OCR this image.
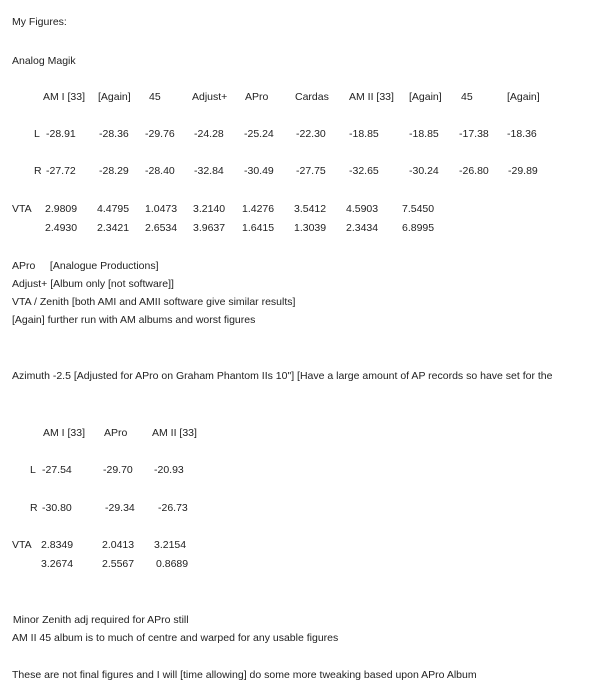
My Figures:
Analog Magik
AM I [33] [Again] 45	Adjust+ APro	Cardas AM II [33] [Again] 45	[Again]
L -28.91 -28.36 -29.76 -24.28 -25.24 -22.30 -18.85	-18.85 -17.38 -18.36
R -27.72 -28.29 -28.40 -32.84 -30.49 -27.75 -32.65	-30.24 -26.80 -29.89
VTA 2.9809 4.4795 1.0473 3.2140 1.4276 3.5412 4.5903 7.5450
2.4930 2.3421 2.6534 3.9637 1.6415 1.3039 2.3434 6.8995
APro     [Analogue Productions]
Adjust+ [Album only [not software]]
VTA / Zenith [both AMI and AMII software give similar results]
[Again] further run with AM albums and worst figures
Azimuth -2.5 [Adjusted for APro on Graham Phantom IIs 10"] [Have a large amount of AP records so have set for the
AM I [33] APro AM II [33]
L -27.54	-29.70 -20.93
R -30.80	-29.34 -26.73
VTA 2.8349	2.0413 3.2154
3.2674	2.5567 0.8689
Minor Zenith adj required for APro still
AM II 45 album is to much of centre and warped for any usable figures
These are not final figures and I will [time allowing] do some more tweaking based upon APro Album
